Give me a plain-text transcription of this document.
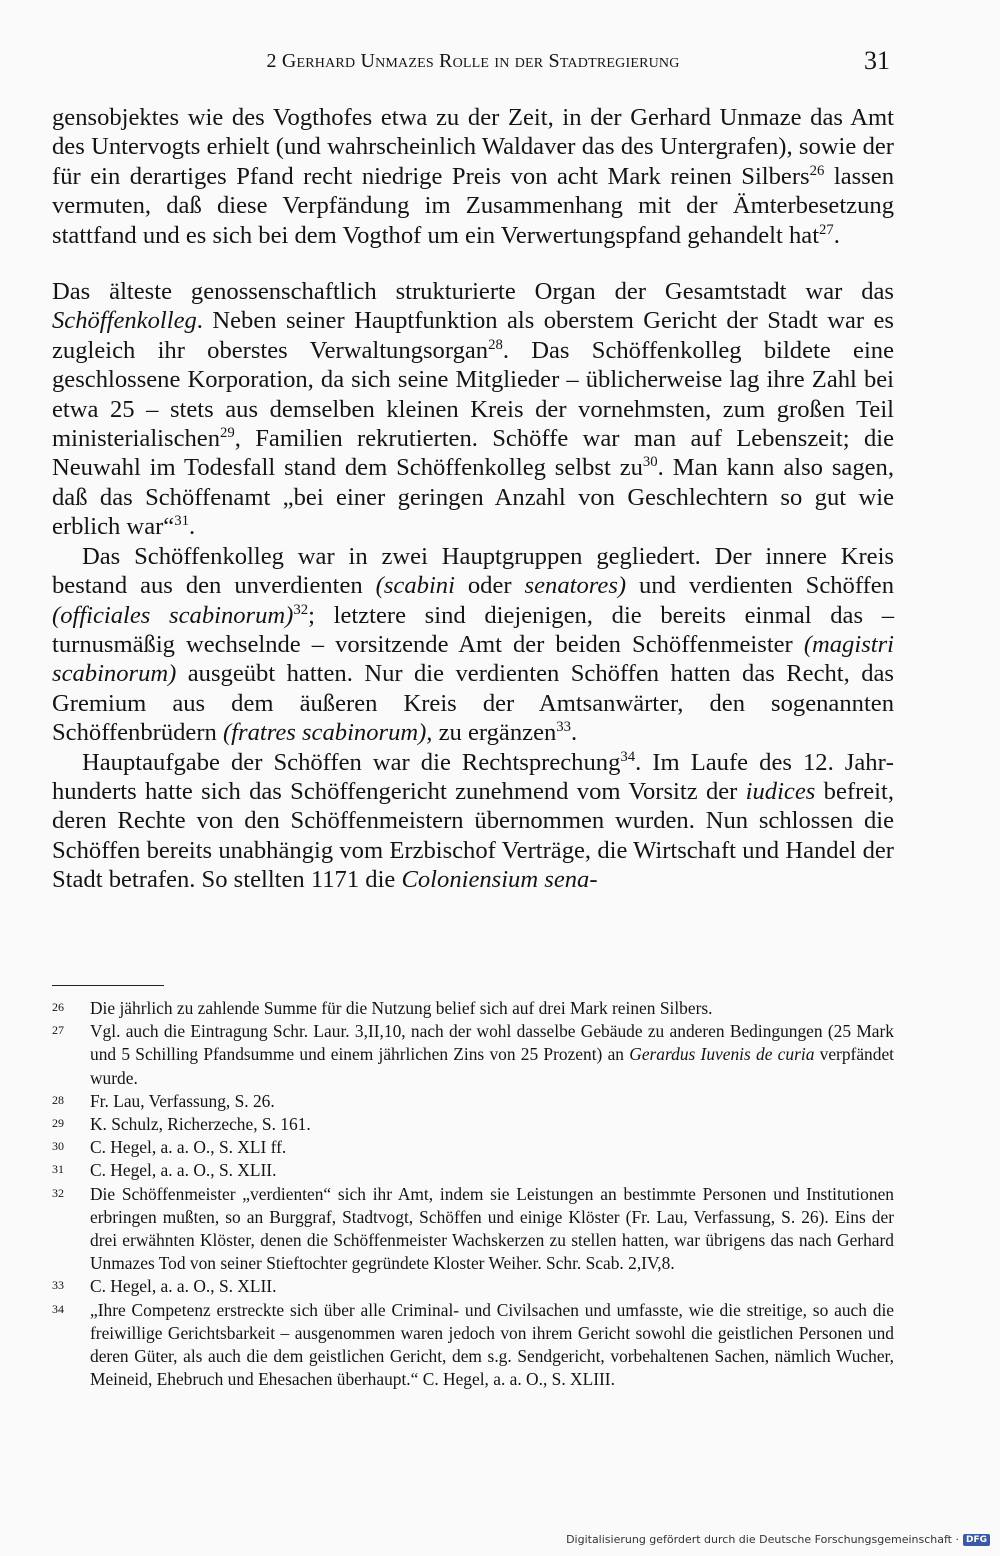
2 Gerhard Unmazes Rolle in der Stadtregierung	31

gensobjektes wie des Vogthofes etwa zu der Zeit, in der Gerhard Unmaze das Amt des Untervogts erhielt (und wahrscheinlich Waldaver das des Untergrafen), sowie der für ein derartiges Pfand recht niedrige Preis von acht Mark reinen Silbers$^{26}$ lassen vermuten, daß diese Verpfändung im Zusammenhang mit der Ämterbesetzung stattfand und es sich bei dem Vogthof um ein Verwertungspfand gehandelt hat$^{27}$.

Das älteste genossenschaftlich strukturierte Organ der Gesamtstadt war das Schöffenkolleg. Neben seiner Hauptfunktion als oberstem Gericht der Stadt war es zugleich ihr oberstes Verwaltungsorgan$^{28}$. Das Schöffenkolleg bildete eine geschlossene Korporation, da sich seine Mitglieder – üblicherweise lag ihre Zahl bei etwa 25 – stets aus demselben kleinen Kreis der vornehmsten, zum großen Teil ministerialischen$^{29}$, Familien rekrutierten. Schöffe war man auf Lebenszeit; die Neuwahl im Todesfall stand dem Schöffenkolleg selbst $zu^{30}$. Man kann also sagen, daß das Schöffenamt „bei einer geringen Anzahl von Geschlechtern so gut wie erblich war“$^{31}$.

Das Schöffenkolleg war in zwei Hauptgruppen gegliedert. Der innere Kreis bestand aus den unverdienten (scabini oder senatores) und verdienten Schöffen (officiales scabinorum)$^{32}$; letztere sind diejenigen, die bereits einmal das – turnusmäßig wechselnde – vorsitzende Amt der beiden Schöffenmeister (magistri scabinorum) ausgeübt hatten. Nur die verdienten Schöffen hatten das Recht, das Gremium aus dem äußeren Kreis der Amtsanwärter, den sogenannten Schöffenbrüdern (fratres scabinorum), zu ergänzen$^{33}$.

Hauptaufgabe der Schöffen war die Rechtsprechung$^{34}$. Im Laufe des 12. Jahrhunderts hatte sich das Schöffengericht zunehmend vom Vorsitz der iudices befreit, deren Rechte von den Schöffenmeistern übernommen wurden. Nun schlossen die Schöffen bereits unabhängig vom Erzbischof Verträge, die Wirtschaft und Handel der Stadt betrafen. So stellten 1171 die Coloniensium sena-

26 Die jährlich zu zahlende Summe für die Nutzung belief sich auf drei Mark reinen Silbers.
27 Vgl. auch die Eintragung Schr. Laur. 3,II,10, nach der wohl dasselbe Gebäude zu anderen Bedingungen (25 Mark und 5 Schilling Pfandsumme und einem jährlichen Zins von 25 Prozent) an Gerardus Iuvenis de curia verpfändet wurde.
28 Fr. Lau, Verfassung, S. 26.
29 K. Schulz, Richerzeche, S. 161.
30 C. Hegel, a. a. O., S. XLI ff.
31 C. Hegel, a. a. O., S. XLII.
32 Die Schöffenmeister „verdienten“ sich ihr Amt, indem sie Leistungen an bestimmte Personen und Institutionen erbringen mußten, so an Burggraf, Stadtvogt, Schöffen und einige Klöster (Fr. Lau, Verfassung, S. 26). Eins der drei erwähnten Klöster, denen die Schöffenmeister Wachskerzen zu stellen hatten, war übrigens das nach Gerhard Unmazes Tod von seiner Stieftochter gegründete Kloster Weiher. Schr. Scab. 2,IV,8.
33 C. Hegel, a. a. O., S. XLII.
34 „Ihre Competenz erstreckte sich über alle Criminal- und Civilsachen und umfasste, wie die streitige, so auch die freiwillige Gerichtsbarkeit – ausgenommen waren jedoch von ihrem Gericht sowohl die geistlichen Personen und deren Güter, als auch die dem geistlichen Gericht, dem s.g. Sendgericht, vorbehaltenen Sachen, nämlich Wucher, Meineid, Ehebruch und Ehesachen überhaupt.“ C. Hegel, a. a. O., S. XLIII.
Digitalisierung gefördert durch die Deutsche Forschungsgemeinschaft · DFG
